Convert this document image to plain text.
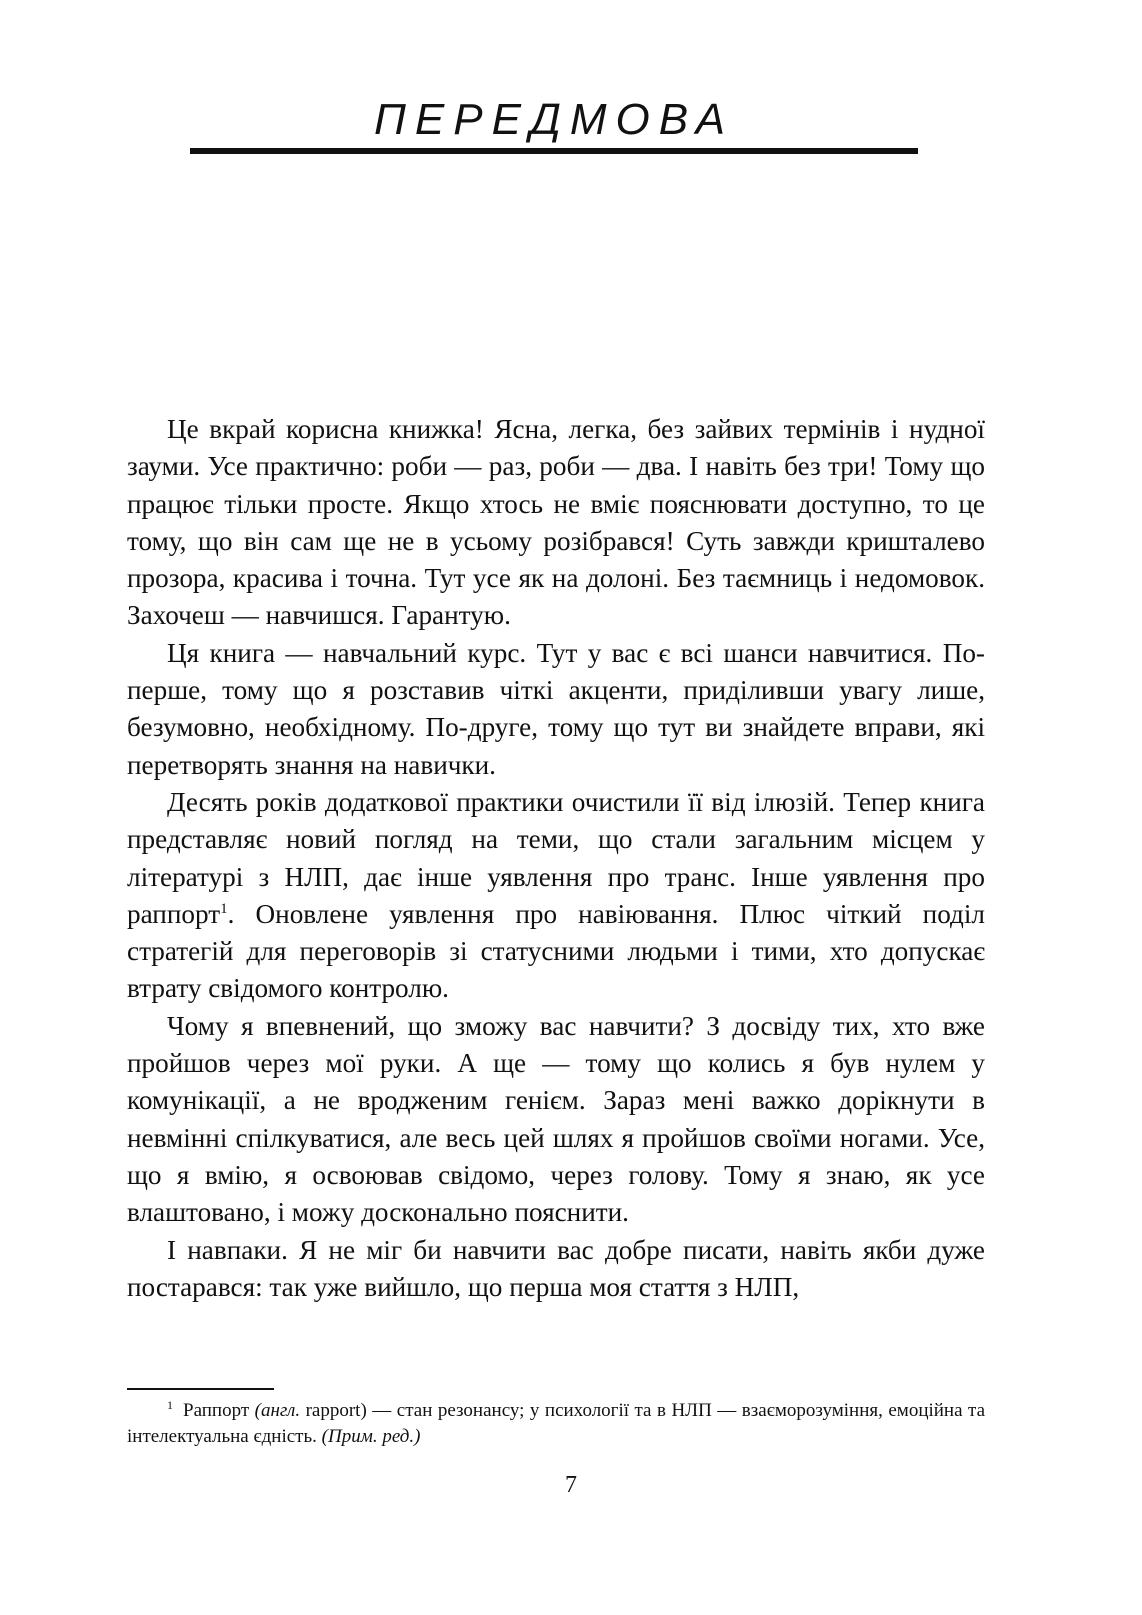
ПЕРЕДМОВА

Це вкрай корисна книжка! Ясна, легка, без зайвих термінів і нудної зауми. Усе практично: роби — раз, роби — два. І навіть без три! Тому що працює тільки просте. Якщо хтось не вміє пояснювати доступно, то це тому, що він сам ще не в усьому розібрався! Суть завжди кришталево прозора, красива і точна. Тут усе як на долоні. Без таємниць і недомовок. Захочеш — навчишся. Гарантую.

Ця книга — навчальний курс. Тут у вас є всі шанси навчитися. По-перше, тому що я розставив чіткі акценти, приділивши увагу лише, безумовно, необхідному. По-друге, тому що тут ви знайдете вправи, які перетворять знання на навички.

Десять років додаткової практики очистили її від ілюзій. Тепер книга представляє новий погляд на теми, що стали загальним місцем у літературі з НЛП, дає інше уявлення про транс. Інше уявлення про раппорт$^1$. Оновлене уявлення про навіювання. Плюс чіткий поділ стратегій для переговорів зі статусними людьми і тими, хто допускає втрату свідомого контролю.

Чому я впевнений, що зможу вас навчити? З досвіду тих, хто вже пройшов через мої руки. А ще — тому що колись я був нулем у комунікації, а не вродженим генієм. Зараз мені важко дорікнути в невмінні спілкуватися, але весь цей шлях я пройшов своїми ногами. Усе, що я вмію, я освоював свідомо, через голову. Тому я знаю, як усе влаштовано, і можу досконально пояснити.

І навпаки. Я не міг би навчити вас добре писати, навіть якби дуже постарався: так уже вийшло, що перша моя стаття з НЛП,

$^1$ Раппорт (англ. rapport) — стан резонансу; у психології та в НЛП — взаєморозуміння, емоційна та інтелектуальна єдність. (Прим. ред.)

7
